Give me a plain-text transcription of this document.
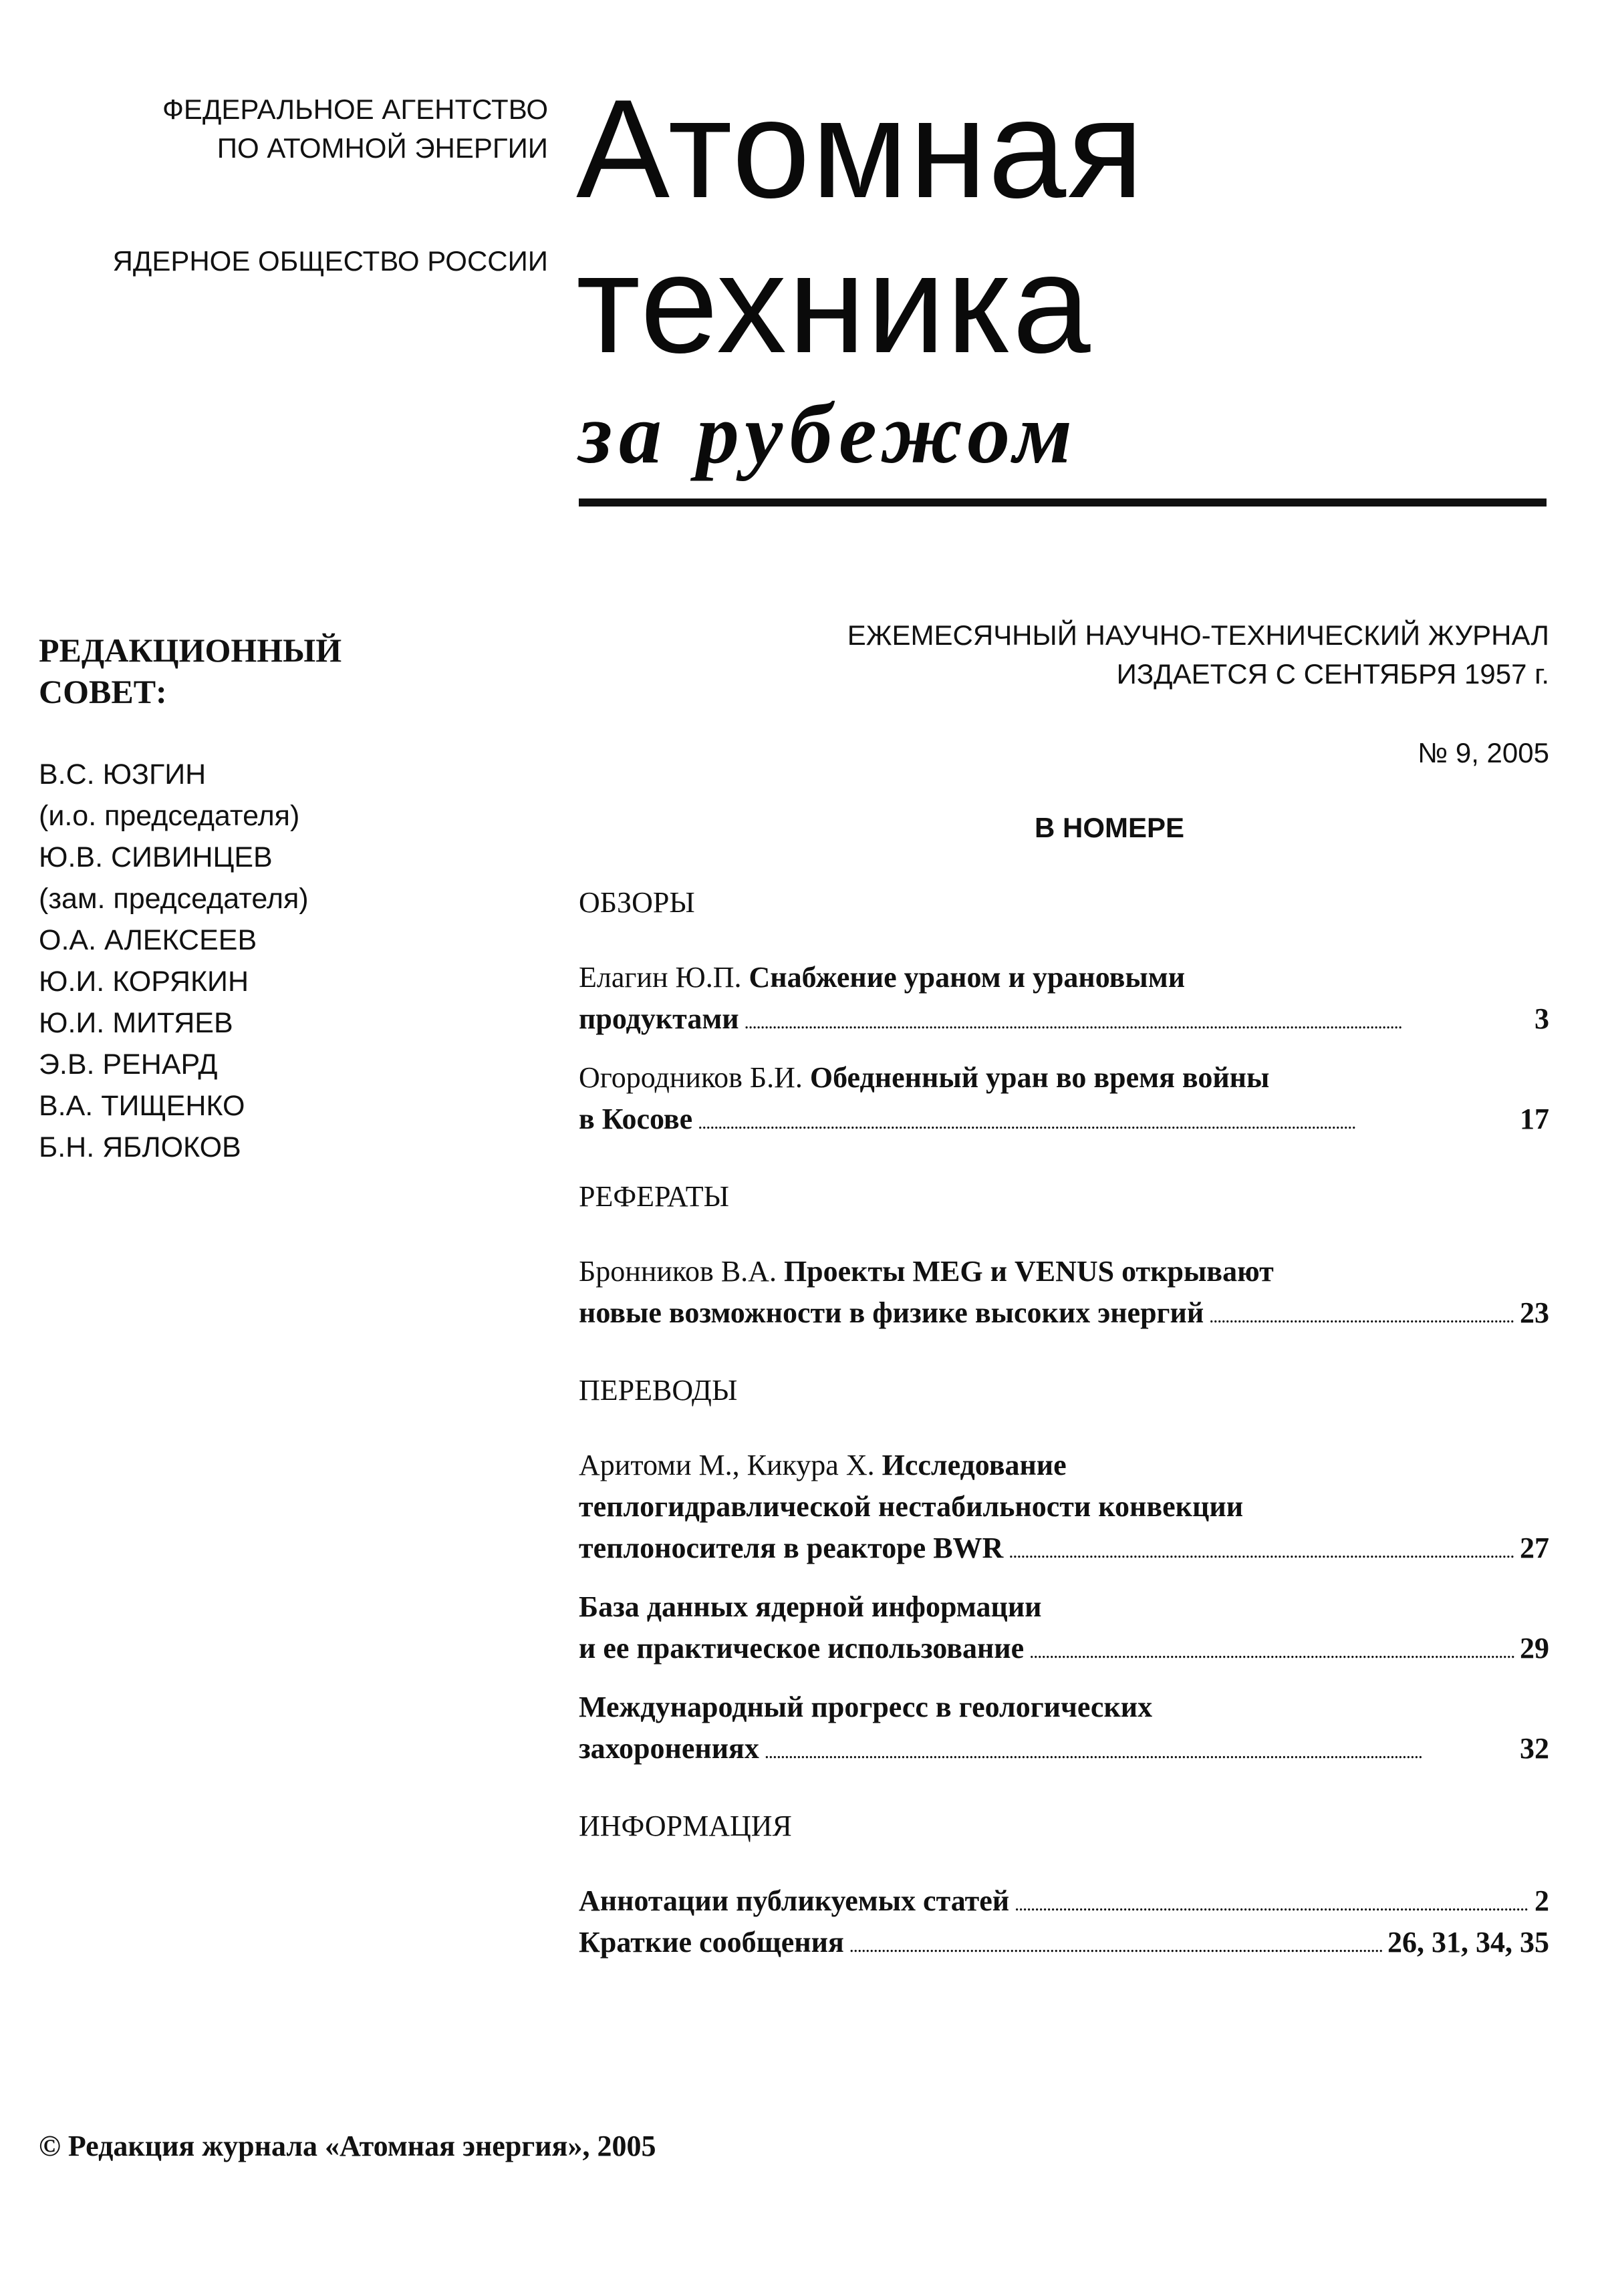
ФЕДЕРАЛЬНОЕ АГЕНТСТВО
ПО АТОМНОЙ ЭНЕРГИИ
ЯДЕРНОЕ ОБЩЕСТВО РОССИИ
Атомная
техника
за рубежом
ЕЖЕМЕСЯЧНЫЙ НАУЧНО-ТЕХНИЧЕСКИЙ ЖУРНАЛ
ИЗДАЕТСЯ С СЕНТЯБРЯ 1957 г.
№ 9, 2005
В НОМЕРЕ
РЕДАКЦИОННЫЙ
СОВЕТ:
В.С. ЮЗГИН
(и.о. председателя)
Ю.В. СИВИНЦЕВ
(зам. председателя)
О.А. АЛЕКСЕЕВ
Ю.И. КОРЯКИН
Ю.И. МИТЯЕВ
Э.В. РЕНАРД
В.А. ТИЩЕНКО
Б.Н. ЯБЛОКОВ
ОБЗОРЫ
Елагин Ю.П. Снабжение ураном и урановыми
продуктами . . .	3
Огородников Б.И. Обедненный уран во время войны
в Косове . . .	17
РЕФЕРАТЫ
Бронников В.А. Проекты MEG и VENUS открывают
новые возможности в физике высоких энергий . . .	23
ПЕРЕВОДЫ
Аритоми М., Кикура Х. Исследование
теплогидравлической нестабильности конвекции
теплоносителя в реакторе BWR . . .	27
База данных ядерной информации
и ее практическое использование . . .	29
Международный прогресс в геологических
захоронениях . . .	32
ИНФОРМАЦИЯ
Аннотации публикуемых статей . . .	2
Краткие сообщения . . .	26, 31, 34, 35
© Редакция журнала «Атомная энергия», 2005
